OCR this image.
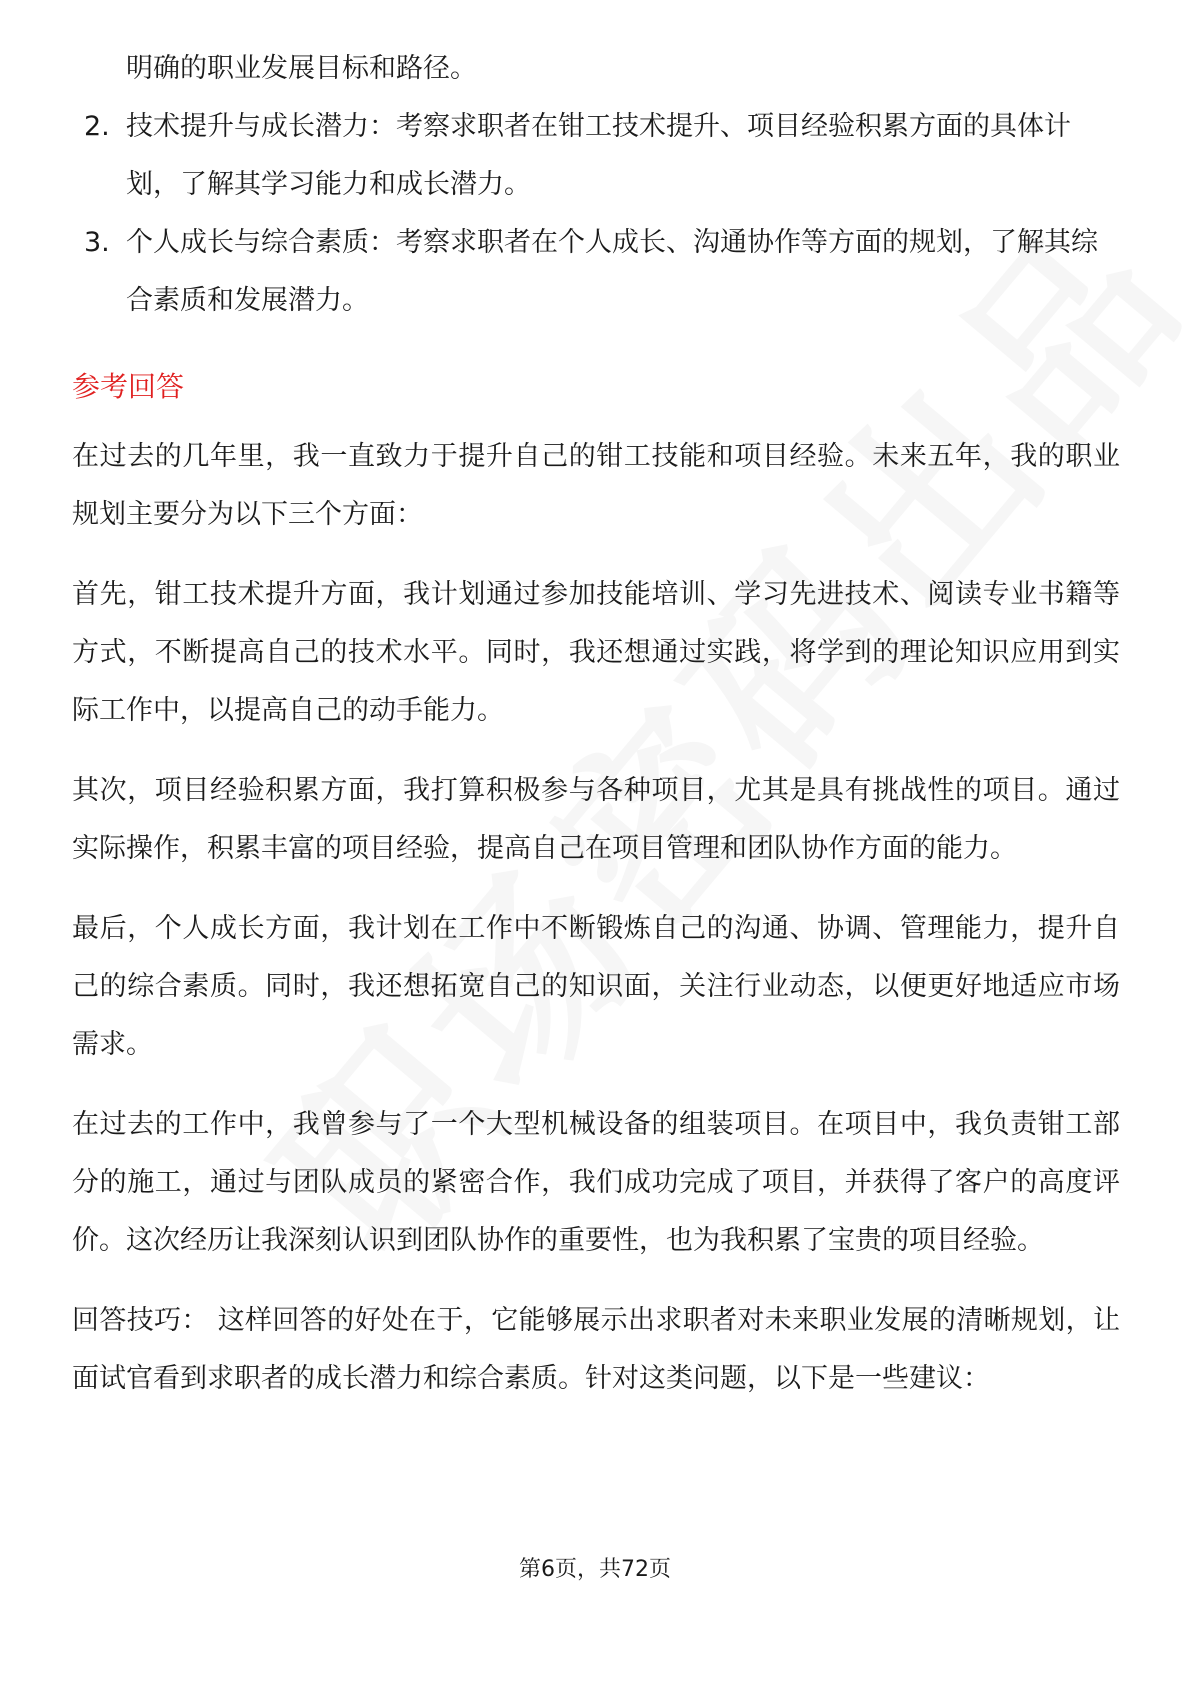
明确的职业发展目标和路径。
2. 技术提升与成长潜力：考察求职者在钳工技术提升、项目经验积累方面的具体计划，了解其学习能力和成长潜力。
3. 个人成长与综合素质：考察求职者在个人成长、沟通协作等方面的规划，了解其综合素质和发展潜力。
参考回答

在过去的几年里，我一直致力于提升自己的钳工技能和项目经验。未来五年，我的职业规划主要分为以下三个方面：

首先，钳工技术提升方面，我计划通过参加技能培训、学习先进技术、阅读专业书籍等方式，不断提高自己的技术水平。同时，我还想通过实践，将学到的理论知识应用到实际工作中，以提高自己的动手能力。

其次，项目经验积累方面，我打算积极参与各种项目，尤其是具有挑战性的项目。通过实际操作，积累丰富的项目经验，提高自己在项目管理和团队协作方面的能力。

最后，个人成长方面，我计划在工作中不断锻炼自己的沟通、协调、管理能力，提升自己的综合素质。同时，我还想拓宽自己的知识面，关注行业动态，以便更好地适应市场需求。

在过去的工作中，我曾参与了一个大型机械设备的组装项目。在项目中，我负责钳工部分的施工，通过与团队成员的紧密合作，我们成功完成了项目，并获得了客户的高度评价。这次经历让我深刻认识到团队协作的重要性，也为我积累了宝贵的项目经验。

回答技巧： 这样回答的好处在于，它能够展示出求职者对未来职业发展的清晰规划，让面试官看到求职者的成长潜力和综合素质。针对这类问题，以下是一些建议：

第6页，共72页
